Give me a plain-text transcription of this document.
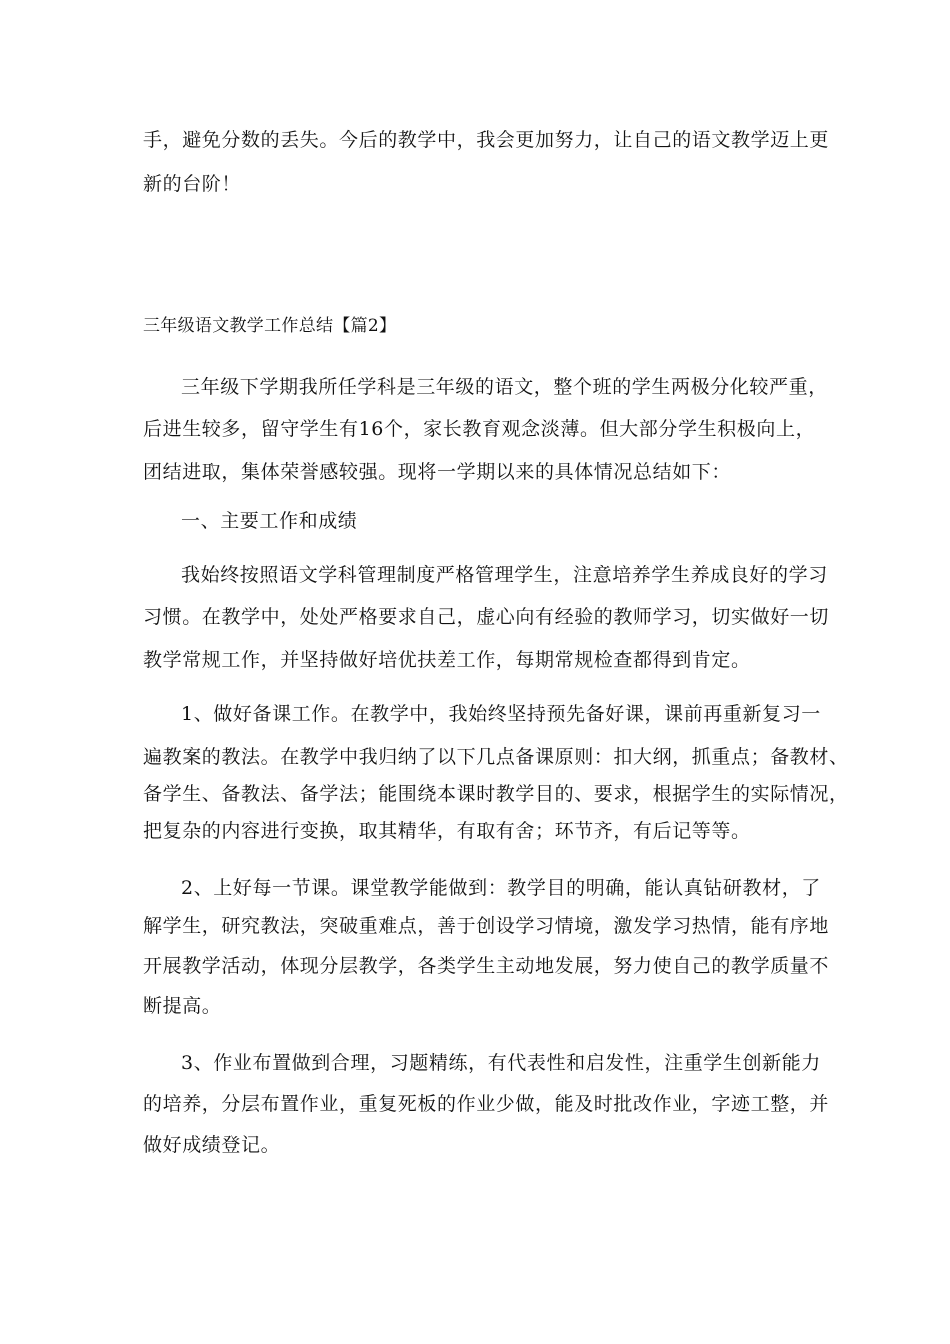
手，避免分数的丢失。今后的教学中，我会更加努力，让自己的语文教学迈上更
新的台阶！
三年级语文教学工作总结【篇2】
三年级下学期我所任学科是三年级的语文，整个班的学生两极分化较严重，
后进生较多，留守学生有16个，家长教育观念淡薄。但大部分学生积极向上，
团结进取，集体荣誉感较强。现将一学期以来的具体情况总结如下：
一、主要工作和成绩
我始终按照语文学科管理制度严格管理学生，注意培养学生养成良好的学习
习惯。在教学中，处处严格要求自己，虚心向有经验的教师学习，切实做好一切
教学常规工作，并坚持做好培优扶差工作，每期常规检查都得到肯定。
1、做好备课工作。在教学中，我始终坚持预先备好课，课前再重新复习一
遍教案的教法。在教学中我归纳了以下几点备课原则：扣大纲，抓重点；备教材、
备学生、备教法、备学法；能围绕本课时教学目的、要求，根据学生的实际情况，
把复杂的内容进行变换，取其精华，有取有舍；环节齐，有后记等等。
2、上好每一节课。课堂教学能做到：教学目的明确，能认真钻研教材，了
解学生，研究教法，突破重难点，善于创设学习情境，激发学习热情，能有序地
开展教学活动，体现分层教学，各类学生主动地发展，努力使自己的教学质量不
断提高。
3、作业布置做到合理，习题精练，有代表性和启发性，注重学生创新能力
的培养，分层布置作业，重复死板的作业少做，能及时批改作业，字迹工整，并
做好成绩登记。
